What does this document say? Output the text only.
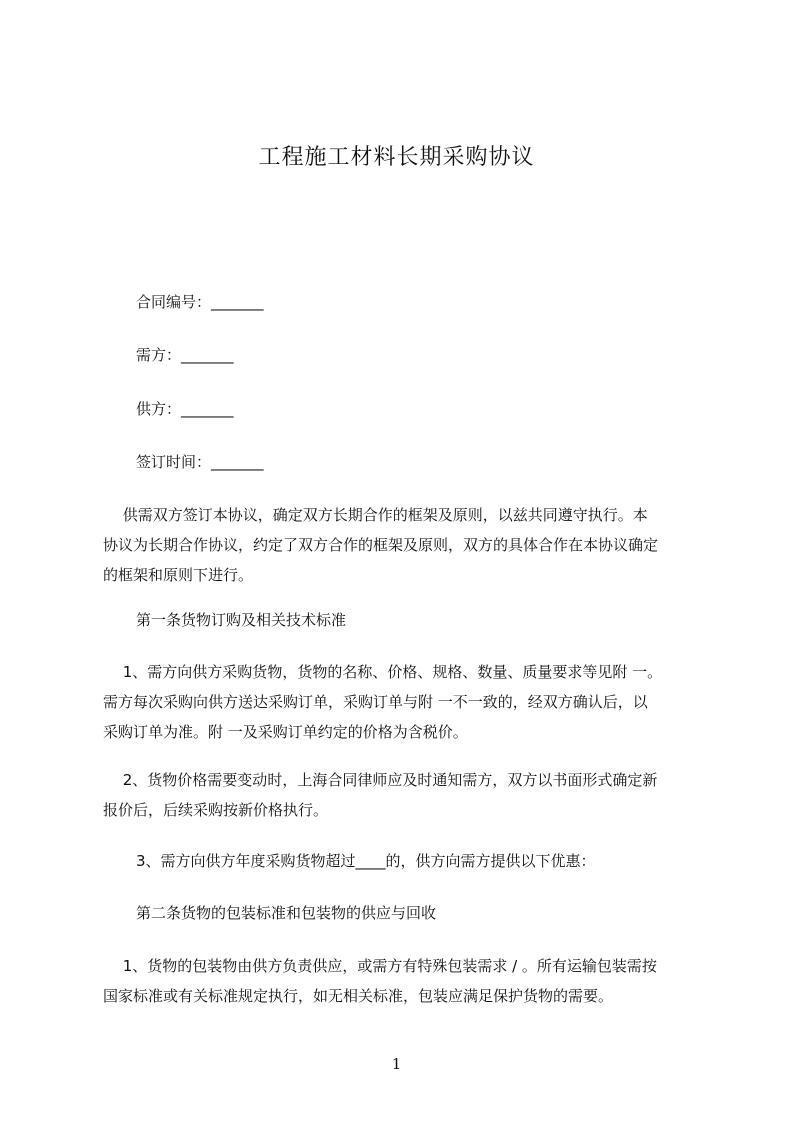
工程施工材料长期采购协议
合同编号：_______
需方：_______
供方：_______
签订时间：_______
　 供需双方签订本协议，确定双方长期合作的框架及原则，以兹共同遵守执行。本
协议为长期合作协议，约定了双方合作的框架及原则，双方的具体合作在本协议确定
的框架和原则下进行。
第一条货物订购及相关技术标准
　 1、需方向供方采购货物，货物的名称、价格、规格、数量、质量要求等见附 一。
需方每次采购向供方送达采购订单，采购订单与附 一不一致的，经双方确认后，以
采购订单为准。附 一及采购订单约定的价格为含税价。
　 2、货物价格需要变动时，上海合同律师应及时通知需方，双方以书面形式确定新
报价后，后续采购按新价格执行。
3、需方向供方年度采购货物超过____的，供方向需方提供以下优惠：
第二条货物的包装标准和包装物的供应与回收
　 1、货物的包装物由供方负责供应，或需方有特殊包装需求 / 。所有运输包装需按
国家标准或有关标准规定执行，如无相关标准，包装应满足保护货物的需要。
1
